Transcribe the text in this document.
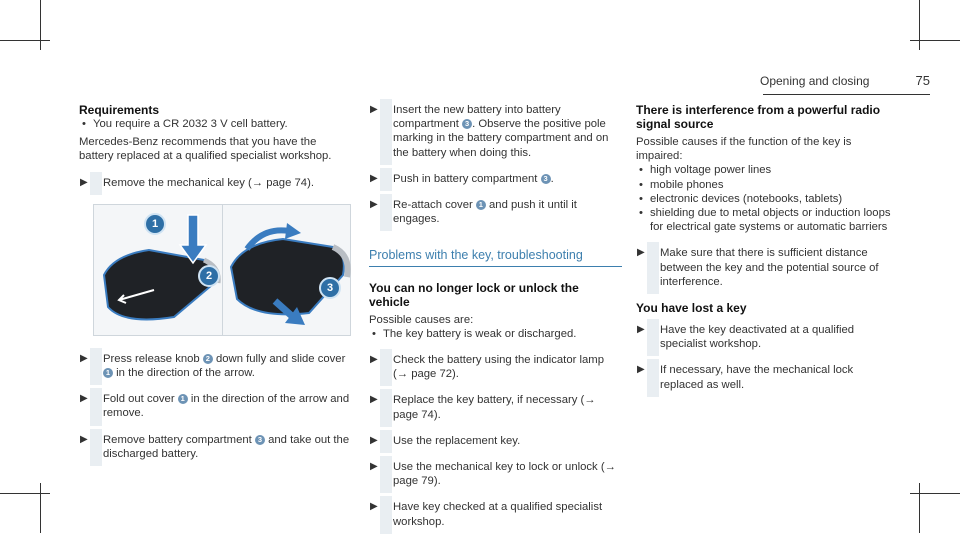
Opening and closing	75

Requirements

• You require a CR 2032 3 V cell battery.

Mercedes-Benz recommends that you have the battery replaced at a qualified specialist workshop.

▶ Remove the mechanical key (→ page 74).
1
2
3
▶ Press release knob 2 down fully and slide cover 1 in the direction of the arrow.
▶ Fold out cover 1 in the direction of the arrow and remove.
▶ Remove battery compartment 3 and take out the discharged battery.
▶ Insert the new battery into battery compartment 3 . Observe the positive pole marking in the battery compartment and on the battery when doing this.
▶ Push in battery compartment 3 .
▶ Re-attach cover 1 and push it until it engages.

Problems with the key, troubleshooting

You can no longer lock or unlock the vehicle

Possible causes are:

• The key battery is weak or discharged.

▶ Check the battery using the indicator lamp (→ page 72).
▶ Replace the key battery, if necessary (→ page 74).
▶ Use the replacement key.
▶ Use the mechanical key to lock or unlock (→ page 79).
▶ Have key checked at a qualified specialist workshop.

There is interference from a powerful radio signal source

Possible causes if the function of the key is impaired:

• high voltage power lines

• mobile phones

• electronic devices (notebooks, tablets)

• shielding due to metal objects or induction loops for electrical gate systems or automatic barriers

▶ Make sure that there is sufficient distance between the key and the potential source of interference.

You have lost a key

▶ Have the key deactivated at a qualified specialist workshop.
▶ If necessary, have the mechanical lock replaced as well.
